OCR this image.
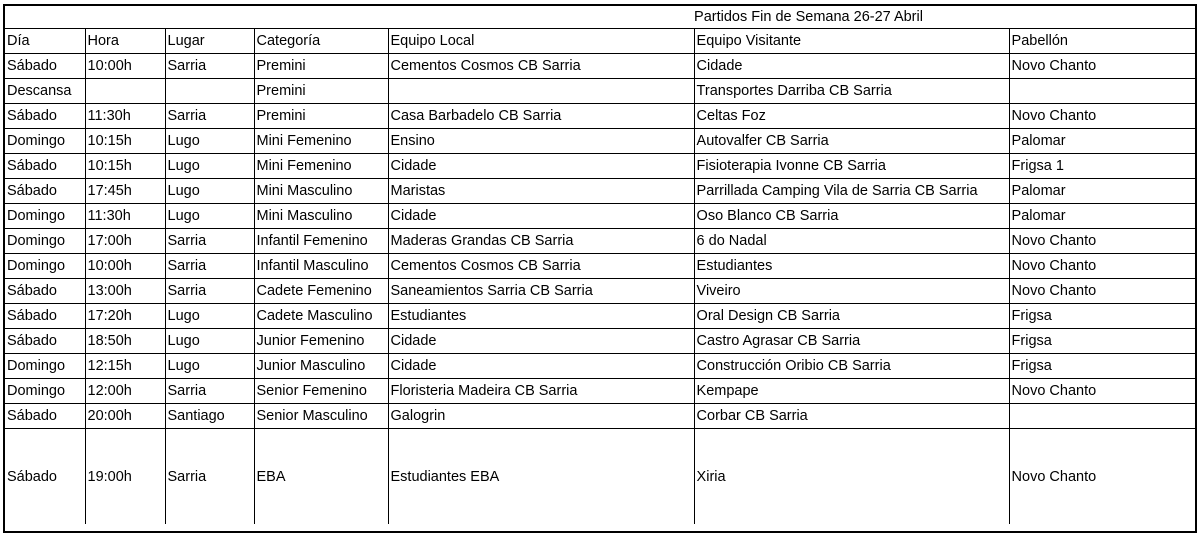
					Partidos Fin de Semana 26-27 Abril	
Día	Hora	Lugar	Categoría	Equipo Local	Equipo Visitante	Pabellón
Sábado	10:00h	Sarria	Premini	Cementos Cosmos CB Sarria	Cidade	Novo Chanto
Descansa			Premini		Transportes Darriba CB Sarria	
Sábado	11:30h	Sarria	Premini	Casa Barbadelo CB Sarria	Celtas Foz	Novo Chanto
Domingo	10:15h	Lugo	Mini Femenino	Ensino	Autovalfer CB Sarria	Palomar
Sábado	10:15h	Lugo	Mini Femenino	Cidade	Fisioterapia Ivonne CB Sarria	Frigsa 1
Sábado	17:45h	Lugo	Mini Masculino	Maristas	Parrillada Camping Vila de Sarria CB Sarria	Palomar
Domingo	11:30h	Lugo	Mini Masculino	Cidade	Oso Blanco CB Sarria	Palomar
Domingo	17:00h	Sarria	Infantil Femenino	Maderas Grandas CB Sarria	6 do Nadal	Novo Chanto
Domingo	10:00h	Sarria	Infantil Masculino	Cementos Cosmos CB Sarria	Estudiantes	Novo Chanto
Sábado	13:00h	Sarria	Cadete Femenino	Saneamientos Sarria CB Sarria	Viveiro	Novo Chanto
Sábado	17:20h	Lugo	Cadete Masculino	Estudiantes	Oral Design CB Sarria	Frigsa
Sábado	18:50h	Lugo	Junior Femenino	Cidade	Castro Agrasar CB Sarria	Frigsa
Domingo	12:15h	Lugo	Junior Masculino	Cidade	Construcción Oribio CB Sarria	Frigsa
Domingo	12:00h	Sarria	Senior Femenino	Floristeria Madeira CB Sarria	Kempape	Novo Chanto
Sábado	20:00h	Santiago	Senior Masculino	Galogrin	Corbar CB Sarria	
Sábado	19:00h	Sarria	EBA	Estudiantes EBA	Xiria	Novo Chanto
